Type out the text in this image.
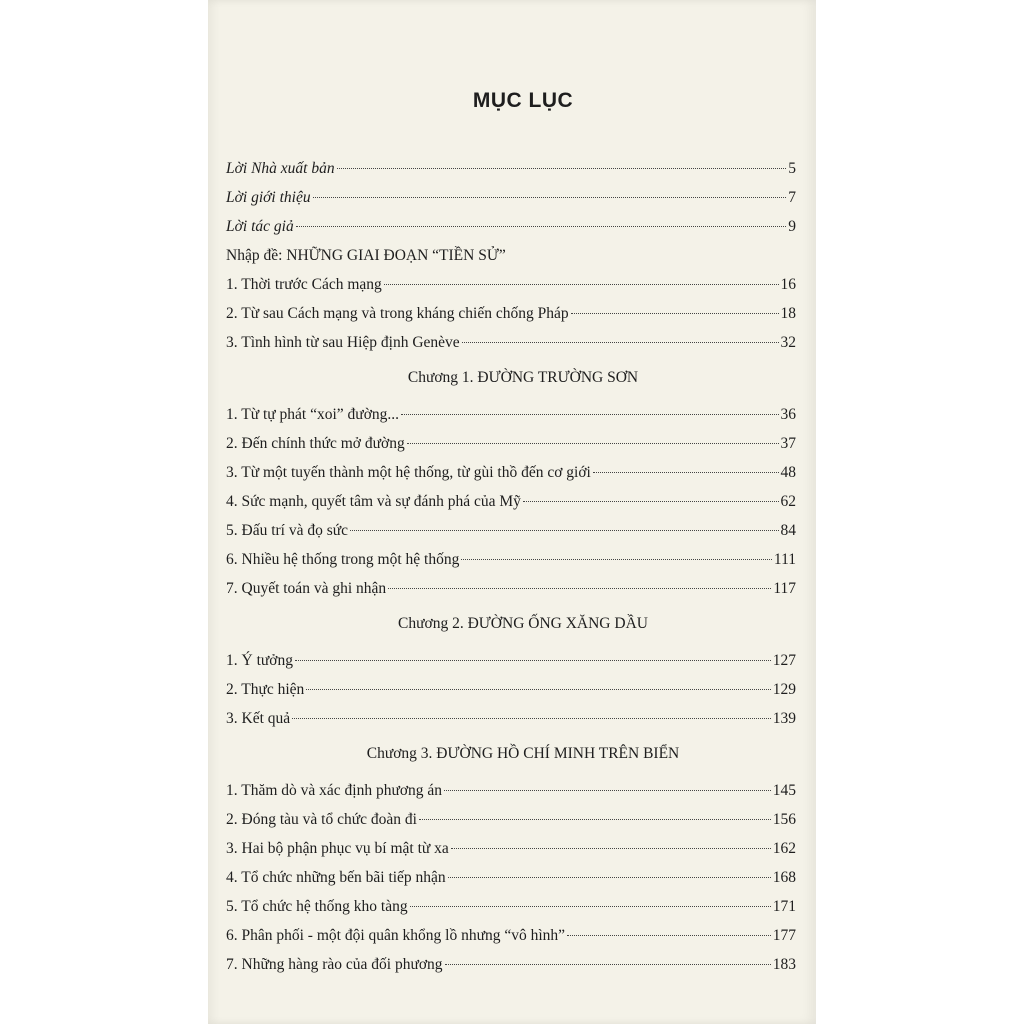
MỤC LỤC
Lời Nhà xuất bản	5
Lời giới thiệu	7
Lời tác giả	9
Nhập đề: NHỮNG GIAI ĐOẠN “TIỀN SỬ”
1. Thời trước Cách mạng	16
2. Từ sau Cách mạng và trong kháng chiến chống Pháp	18
3. Tình hình từ sau Hiệp định Genève	32
Chương 1. ĐƯỜNG TRƯỜNG SƠN
1. Từ tự phát “xoi” đường...	36
2. Đến chính thức mở đường	37
3. Từ một tuyến thành một hệ thống, từ gùi thồ đến cơ giới	48
4. Sức mạnh, quyết tâm và sự đánh phá của Mỹ	62
5. Đấu trí và đọ sức	84
6. Nhiều hệ thống trong một hệ thống	111
7. Quyết toán và ghi nhận	117
Chương 2. ĐƯỜNG ỐNG XĂNG DẦU
1. Ý tưởng	127
2. Thực hiện	129
3. Kết quả	139
Chương 3. ĐƯỜNG HỒ CHÍ MINH TRÊN BIỂN
1. Thăm dò và xác định phương án	145
2. Đóng tàu và tổ chức đoàn đi	156
3. Hai bộ phận phục vụ bí mật từ xa	162
4. Tổ chức những bến bãi tiếp nhận	168
5. Tổ chức hệ thống kho tàng	171
6. Phân phối - một đội quân khổng lồ nhưng “vô hình”	177
7. Những hàng rào của đối phương	183
